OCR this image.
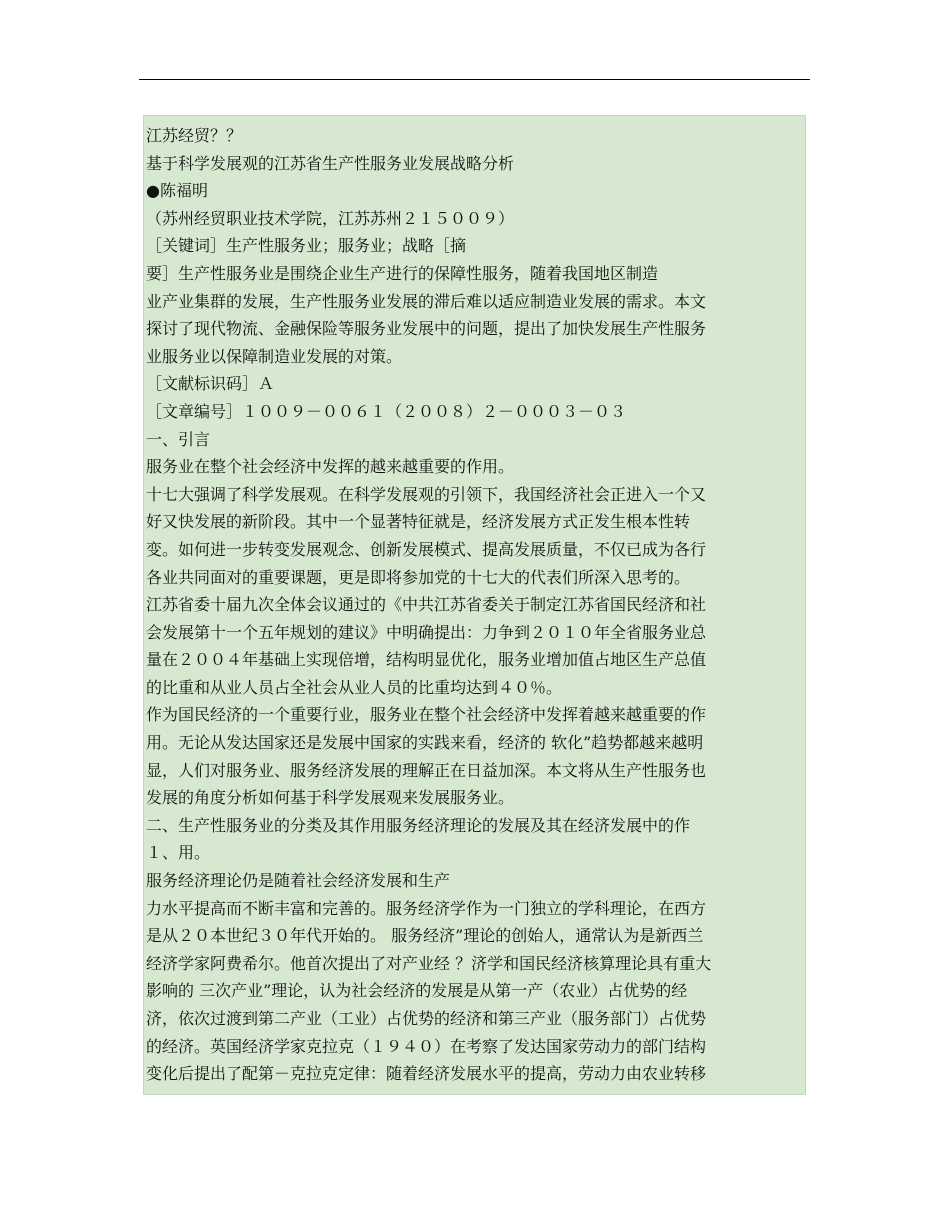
江苏经贸？？
基于科学发展观的江苏省生产性服务业发展战略分析
●陈福明
（苏州经贸职业技术学院，江苏苏州２１５００９）
［关键词］生产性服务业；服务业；战略［摘
要］生产性服务业是围绕企业生产进行的保障性服务，随着我国地区制造
业产业集群的发展，生产性服务业发展的滞后难以适应制造业发展的需求。本文
探讨了现代物流、金融保险等服务业发展中的问题，提出了加快发展生产性服务
业服务业以保障制造业发展的对策。
［文献标识码］Ａ
［文章编号］１００９－００６１（２００８）２－０００３－０３
一、引言
服务业在整个社会经济中发挥的越来越重要的作用。
十七大强调了科学发展观。在科学发展观的引领下，我国经济社会正进入一个又
好又快发展的新阶段。其中一个显著特征就是，经济发展方式正发生根本性转
变。如何进一步转变发展观念、创新发展模式、提高发展质量，不仅已成为各行
各业共同面对的重要课题，更是即将参加党的十七大的代表们所深入思考的。
江苏省委十届九次全体会议通过的《中共江苏省委关于制定江苏省国民经济和社
会发展第十一个五年规划的建议》中明确提出：力争到２０１０年全省服务业总
量在２００４年基础上实现倍增，结构明显优化，服务业增加值占地区生产总值
的比重和从业人员占全社会从业人员的比重均达到４０％。
作为国民经济的一个重要行业，服务业在整个社会经济中发挥着越来越重要的作
用。无论从发达国家还是发展中国家的实践来看，经济的 软化”趋势都越来越明
显，人们对服务业、服务经济发展的理解正在日益加深。本文将从生产性服务也
发展的角度分析如何基于科学发展观来发展服务业。
二、生产性服务业的分类及其作用服务经济理论的发展及其在经济发展中的作
１、用。
服务经济理论仍是随着社会经济发展和生产
力水平提高而不断丰富和完善的。服务经济学作为一门独立的学科理论，在西方
是从２０本世纪３０年代开始的。 服务经济”理论的创始人，通常认为是新西兰
经济学家阿费希尔。他首次提出了对产业经 ？济学和国民经济核算理论具有重大
影响的 三次产业”理论，认为社会经济的发展是从第一产（农业）占优势的经
济，依次过渡到第二产业（工业）占优势的经济和第三产业（服务部门）占优势
的经济。英国经济学家克拉克（１９４０）在考察了发达国家劳动力的部门结构
变化后提出了配第－克拉克定律：随着经济发展水平的提高，劳动力由农业转移
